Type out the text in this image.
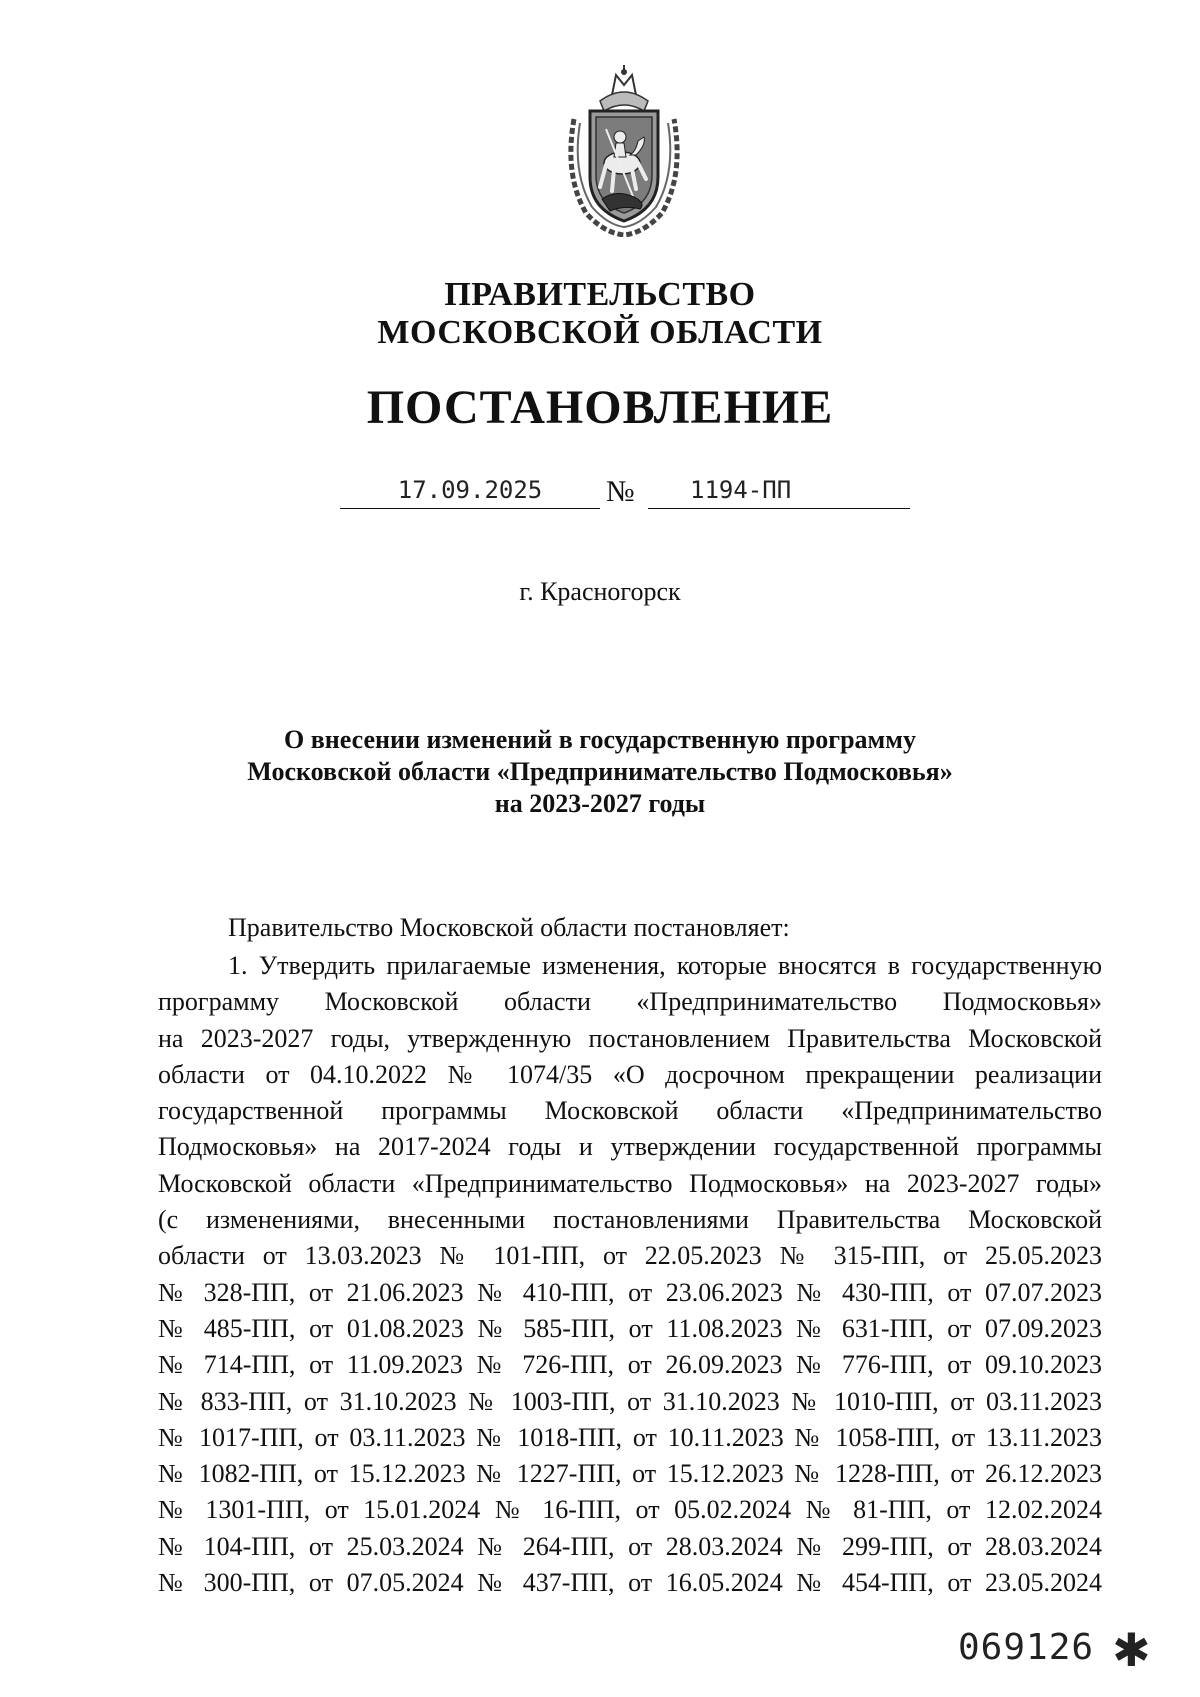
ПРАВИТЕЛЬСТВО
МОСКОВСКОЙ ОБЛАСТИ
ПОСТАНОВЛЕНИЕ
17.09.2025	№	1194-ПП
г. Красногорск
О внесении изменений в государственную программу
Московской области «Предпринимательство Подмосковья»
на 2023-2027 годы
Правительство Московской области постановляет:
1. Утвердить прилагаемые изменения, которые вносятся в государственную
программу Московской области «Предпринимательство Подмосковья»
на 2023-2027 годы, утвержденную постановлением Правительства Московской
области от 04.10.2022 № 1074/35 «О досрочном прекращении реализации
государственной программы Московской области «Предпринимательство
Подмосковья» на 2017-2024 годы и утверждении государственной программы
Московской области «Предпринимательство Подмосковья» на 2023-2027 годы»
(с изменениями, внесенными постановлениями Правительства Московской
области от 13.03.2023 № 101-ПП, от 22.05.2023 № 315-ПП, от 25.05.2023
№ 328-ПП, от 21.06.2023 № 410-ПП, от 23.06.2023 № 430-ПП, от 07.07.2023
№ 485-ПП, от 01.08.2023 № 585-ПП, от 11.08.2023 № 631-ПП, от 07.09.2023
№ 714-ПП, от 11.09.2023 № 726-ПП, от 26.09.2023 № 776-ПП, от 09.10.2023
№ 833-ПП, от 31.10.2023 № 1003-ПП, от 31.10.2023 № 1010-ПП, от 03.11.2023
№ 1017-ПП, от 03.11.2023 № 1018-ПП, от 10.11.2023 № 1058-ПП, от 13.11.2023
№ 1082-ПП, от 15.12.2023 № 1227-ПП, от 15.12.2023 № 1228-ПП, от 26.12.2023
№ 1301-ПП, от 15.01.2024 № 16-ПП, от 05.02.2024 № 81-ПП, от 12.02.2024
№ 104-ПП, от 25.03.2024 № 264-ПП, от 28.03.2024 № 299-ПП, от 28.03.2024
№ 300-ПП, от 07.05.2024 № 437-ПП, от 16.05.2024 № 454-ПП, от 23.05.2024
069126 ✱
